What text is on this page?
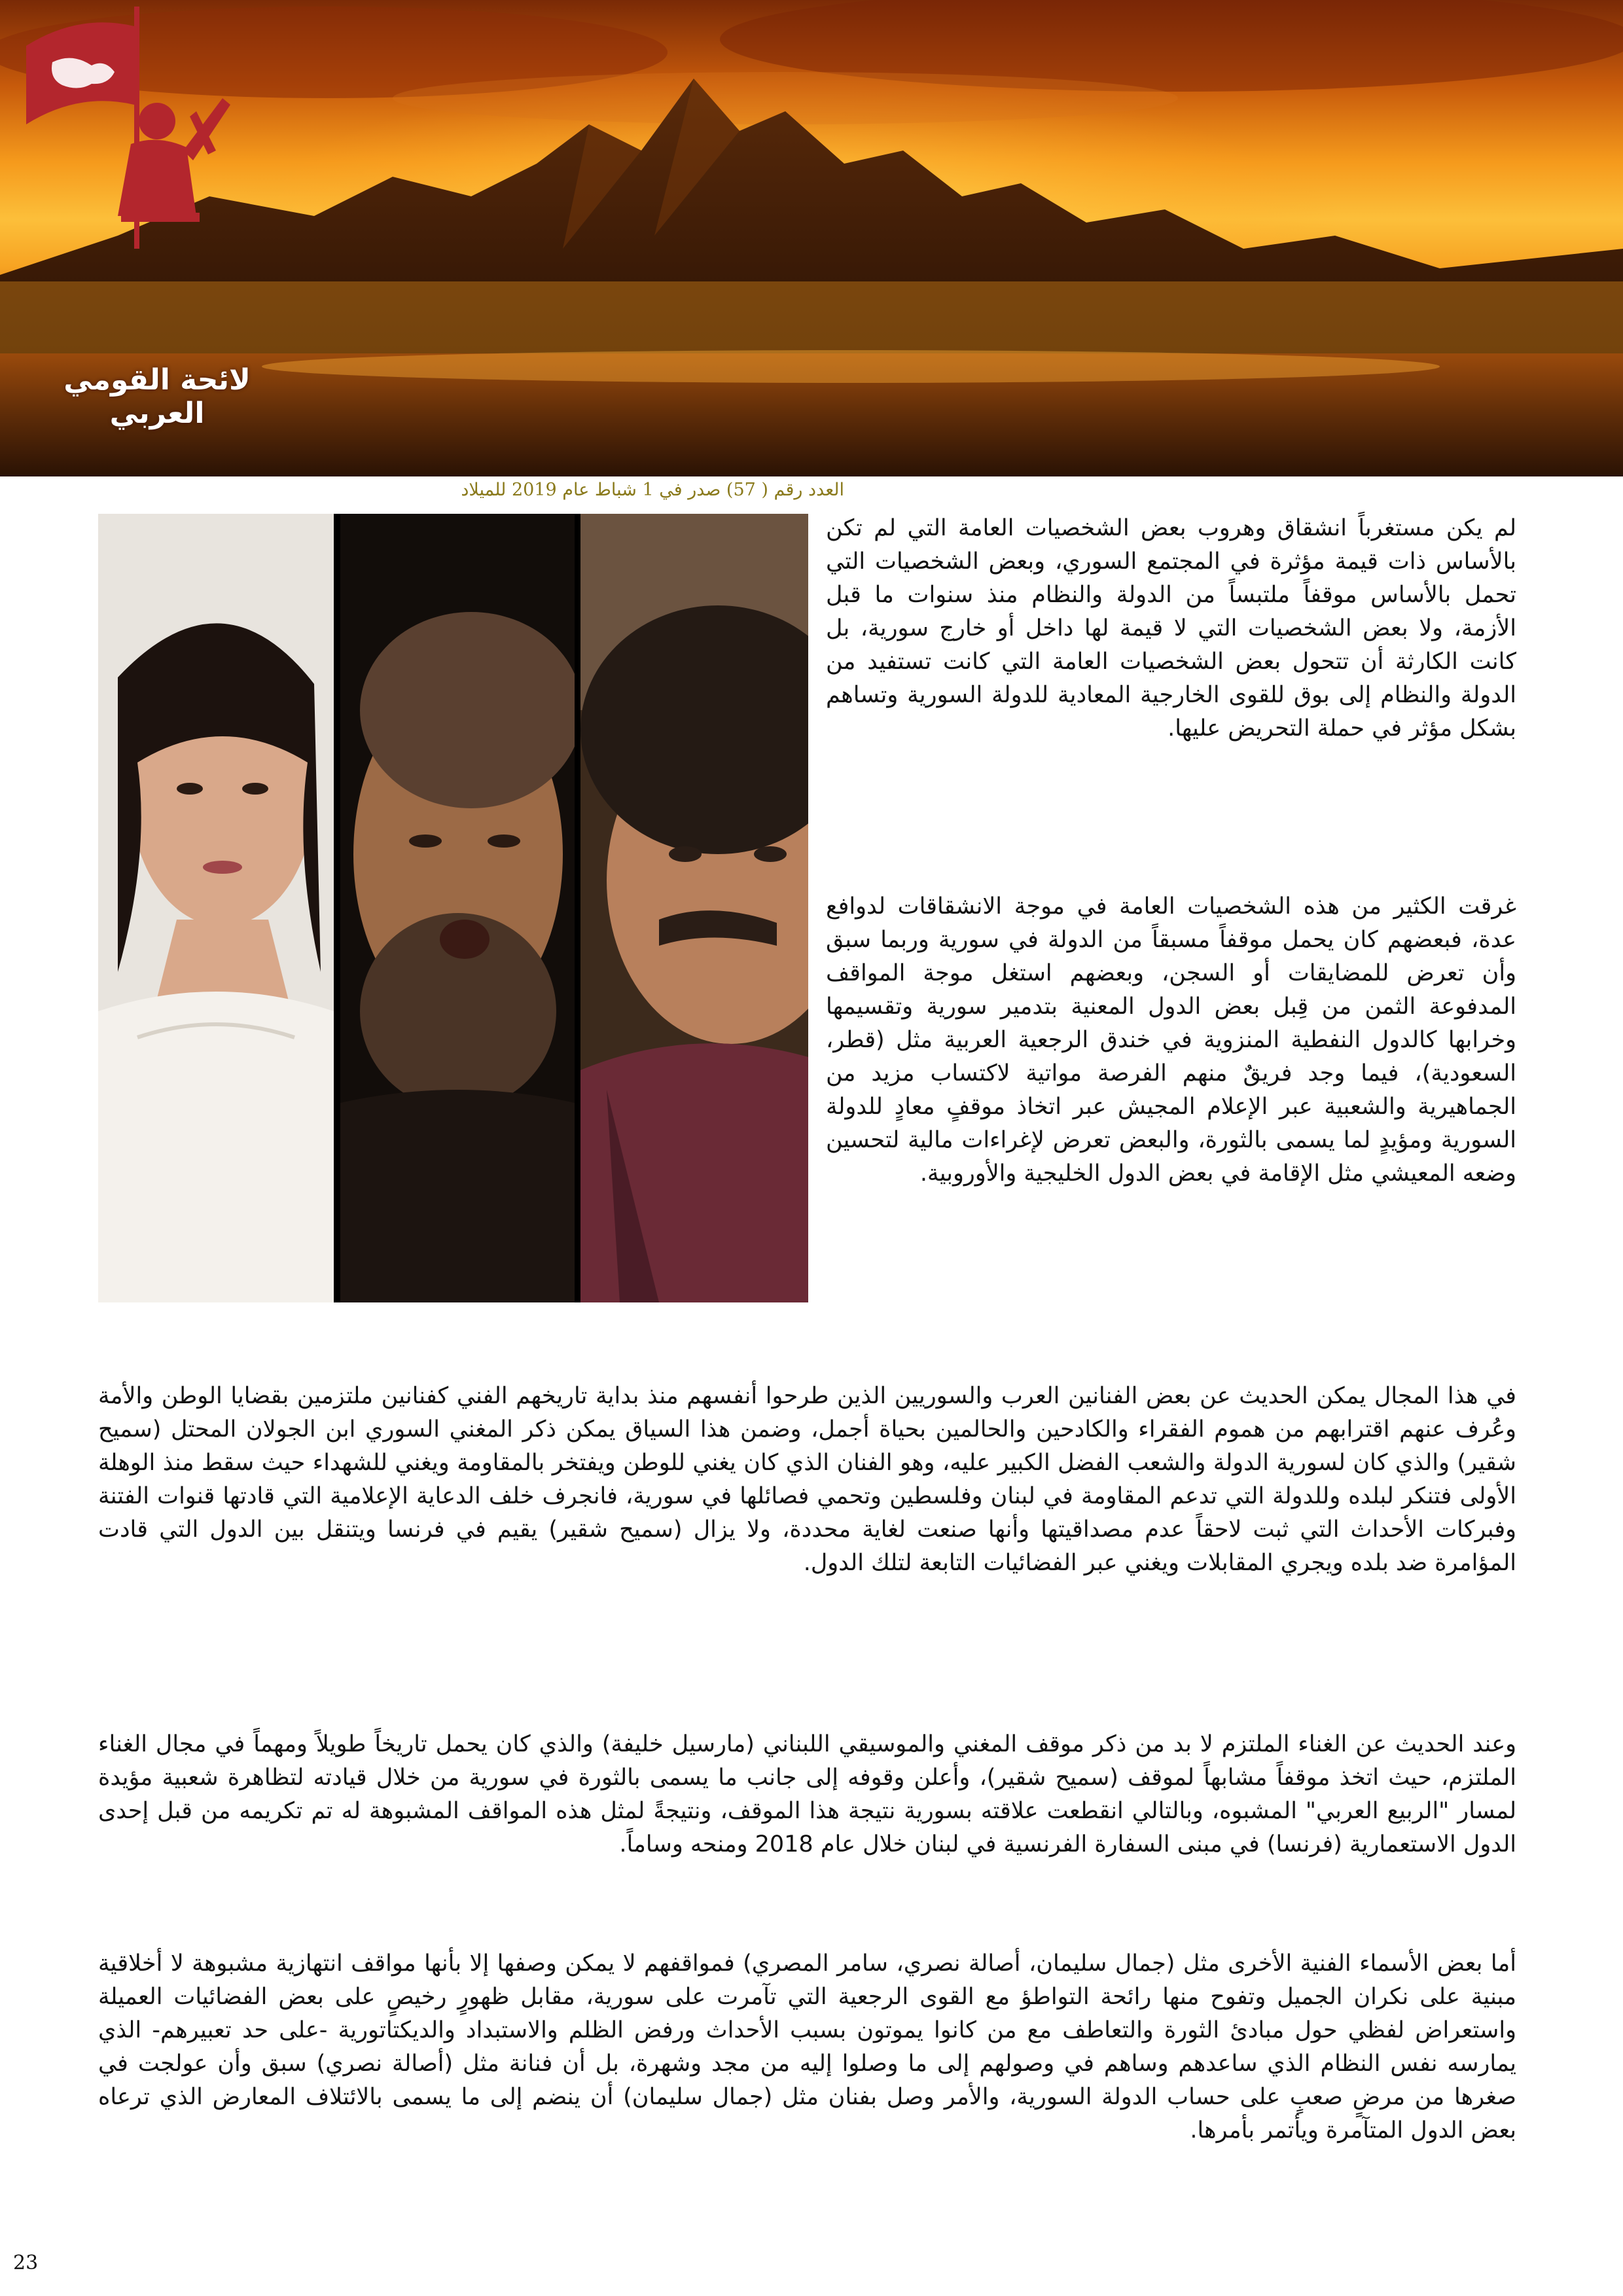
لائحة القومي العربي
العدد رقم ( 57) صدر في 1 شباط عام 2019 للميلاد

لم يكن مستغرباً انشقاق وهروب بعض الشخصيات العامة التي لم تكن بالأساس ذات قيمة مؤثرة في المجتمع السوري، وبعض الشخصيات التي تحمل بالأساس موقفاً ملتبساً من الدولة والنظام منذ سنوات ما قبل الأزمة، ولا بعض الشخصيات التي لا قيمة لها داخل أو خارج سورية، بل كانت الكارثة أن تتحول بعض الشخصيات العامة التي كانت تستفيد من الدولة والنظام إلى بوق للقوى الخارجية المعادية للدولة السورية وتساهم بشكل مؤثر في حملة التحريض عليها.

غرقت الكثير من هذه الشخصيات العامة في موجة الانشقاقات لدوافع عدة، فبعضهم كان يحمل موقفاً مسبقاً من الدولة في سورية وربما سبق وأن تعرض للمضايقات أو السجن، وبعضهم استغل موجة المواقف المدفوعة الثمن من قِبل بعض الدول المعنية بتدمير سورية وتقسيمها وخرابها كالدول النفطية المنزوية في خندق الرجعية العربية مثل (قطر، السعودية)، فيما وجد فريقٌ منهم الفرصة مواتية لاكتساب مزيد من الجماهيرية والشعبية عبر الإعلام المجيش عبر اتخاذ موقفٍ معادٍ للدولة السورية ومؤيدٍ لما يسمى بالثورة، والبعض تعرض لإغراءات مالية لتحسين وضعه المعيشي مثل الإقامة في بعض الدول الخليجية والأوروبية.

في هذا المجال يمكن الحديث عن بعض الفنانين العرب والسوريين الذين طرحوا أنفسهم منذ بداية تاريخهم الفني كفنانين ملتزمين بقضايا الوطن والأمة وعُرف عنهم اقترابهم من هموم الفقراء والكادحين والحالمين بحياة أجمل، وضمن هذا السياق يمكن ذكر المغني السوري ابن الجولان المحتل (سميح شقير) والذي كان لسورية الدولة والشعب الفضل الكبير عليه، وهو الفنان الذي كان يغني للوطن ويفتخر بالمقاومة ويغني للشهداء حيث سقط منذ الوهلة الأولى فتنكر لبلده وللدولة التي تدعم المقاومة في لبنان وفلسطين وتحمي فصائلها في سورية، فانجرف خلف الدعاية الإعلامية التي قادتها قنوات الفتنة وفبركات الأحداث التي ثبت لاحقاً عدم مصداقيتها وأنها صنعت لغاية محددة، ولا يزال (سميح شقير) يقيم في فرنسا ويتنقل بين الدول التي قادت المؤامرة ضد بلده ويجري المقابلات ويغني عبر الفضائيات التابعة لتلك الدول.

وعند الحديث عن الغناء الملتزم لا بد من ذكر موقف المغني والموسيقي اللبناني (مارسيل خليفة) والذي كان يحمل تاريخاً طويلاً ومهماً في مجال الغناء الملتزم، حيث اتخذ موقفاً مشابهاً لموقف (سميح شقير)، وأعلن وقوفه إلى جانب ما يسمى بالثورة في سورية من خلال قيادته لتظاهرة شعبية مؤيدة لمسار "الربيع العربي" المشبوه، وبالتالي انقطعت علاقته بسورية نتيجة هذا الموقف، ونتيجةً لمثل هذه المواقف المشبوهة له تم تكريمه من قبل إحدى الدول الاستعمارية (فرنسا) في مبنى السفارة الفرنسية في لبنان خلال عام 2018 ومنحه وساماً.

أما بعض الأسماء الفنية الأخرى مثل (جمال سليمان، أصالة نصري، سامر المصري) فمواقفهم لا يمكن وصفها إلا بأنها مواقف انتهازية مشبوهة لا أخلاقية مبنية على نكران الجميل وتفوح منها رائحة التواطؤ مع القوى الرجعية التي تآمرت على سورية، مقابل ظهورٍ رخيصٍ على بعض الفضائيات العميلة واستعراض لفظي حول مبادئ الثورة والتعاطف مع من كانوا يموتون بسبب الأحداث ورفض الظلم والاستبداد والديكتاتورية -على حد تعبيرهم- الذي يمارسه نفس النظام الذي ساعدهم وساهم في وصولهم إلى ما وصلوا إليه من مجد وشهرة، بل أن فنانة مثل (أصالة نصري) سبق وأن عولجت في صغرها من مرضٍ صعبٍ على حساب الدولة السورية، والأمر وصل بفنان مثل (جمال سليمان) أن ينضم إلى ما يسمى بالائتلاف المعارض الذي ترعاه بعض الدول المتآمرة ويأتمر بأمرها.

23
